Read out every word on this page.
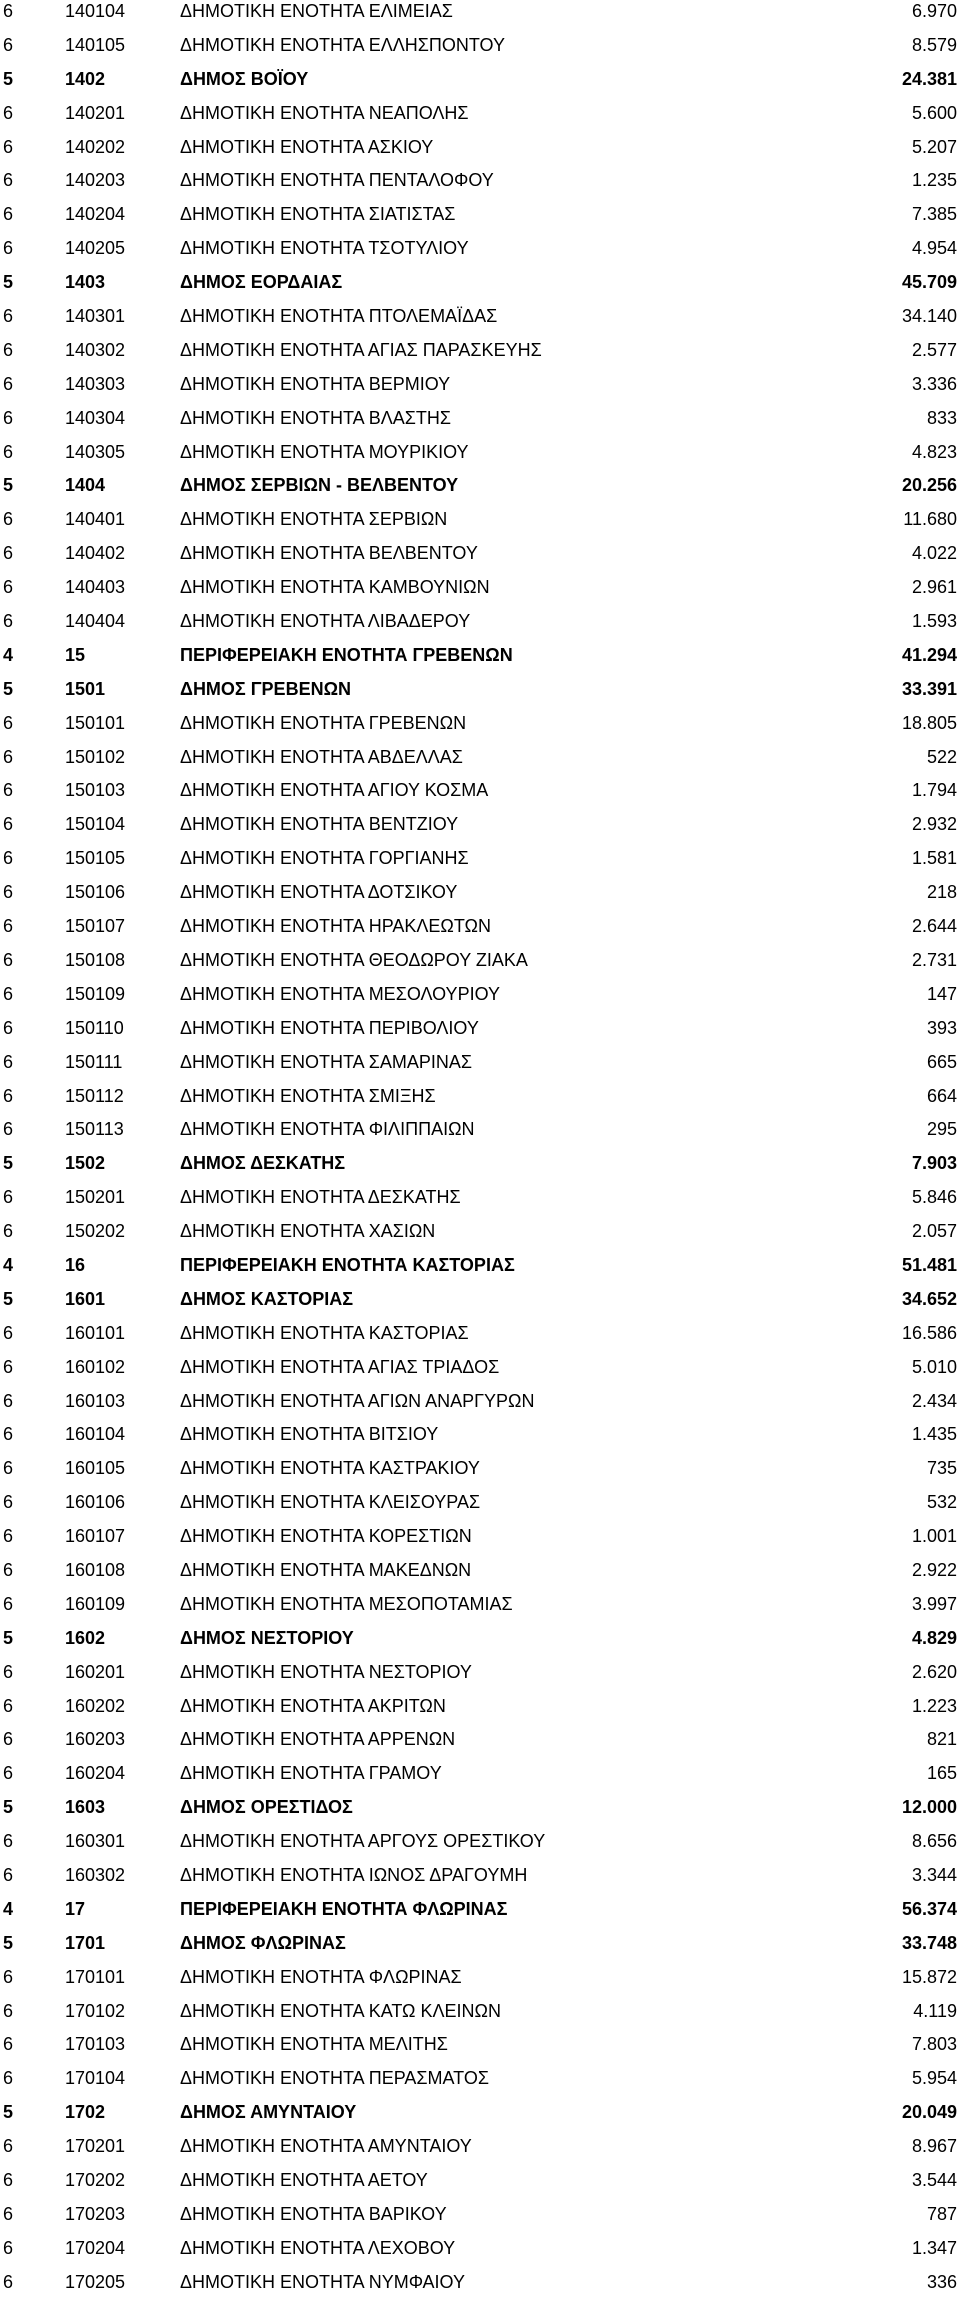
6	140104	ΔΗΜΟΤΙΚΗ ΕΝΟΤΗΤΑ ΕΛΙΜΕΙΑΣ	6.970
6	140105	ΔΗΜΟΤΙΚΗ ΕΝΟΤΗΤΑ ΕΛΛΗΣΠΟΝΤΟΥ	8.579
5	1402	ΔΗΜΟΣ ΒΟΪΟΥ	24.381
6	140201	ΔΗΜΟΤΙΚΗ ΕΝΟΤΗΤΑ ΝΕΑΠΟΛΗΣ	5.600
6	140202	ΔΗΜΟΤΙΚΗ ΕΝΟΤΗΤΑ ΑΣΚΙΟΥ	5.207
6	140203	ΔΗΜΟΤΙΚΗ ΕΝΟΤΗΤΑ ΠΕΝΤΑΛΟΦΟΥ	1.235
6	140204	ΔΗΜΟΤΙΚΗ ΕΝΟΤΗΤΑ ΣΙΑΤΙΣΤΑΣ	7.385
6	140205	ΔΗΜΟΤΙΚΗ ΕΝΟΤΗΤΑ ΤΣΟΤΥΛΙΟΥ	4.954
5	1403	ΔΗΜΟΣ ΕΟΡΔΑΙΑΣ	45.709
6	140301	ΔΗΜΟΤΙΚΗ ΕΝΟΤΗΤΑ ΠΤΟΛΕΜΑΪΔΑΣ	34.140
6	140302	ΔΗΜΟΤΙΚΗ ΕΝΟΤΗΤΑ ΑΓΙΑΣ ΠΑΡΑΣΚΕΥΗΣ	2.577
6	140303	ΔΗΜΟΤΙΚΗ ΕΝΟΤΗΤΑ ΒΕΡΜΙΟΥ	3.336
6	140304	ΔΗΜΟΤΙΚΗ ΕΝΟΤΗΤΑ ΒΛΑΣΤΗΣ	833
6	140305	ΔΗΜΟΤΙΚΗ ΕΝΟΤΗΤΑ ΜΟΥΡΙΚΙΟΥ	4.823
5	1404	ΔΗΜΟΣ ΣΕΡΒΙΩΝ - ΒΕΛΒΕΝΤΟΥ	20.256
6	140401	ΔΗΜΟΤΙΚΗ ΕΝΟΤΗΤΑ ΣΕΡΒΙΩΝ	11.680
6	140402	ΔΗΜΟΤΙΚΗ ΕΝΟΤΗΤΑ ΒΕΛΒΕΝΤΟΥ	4.022
6	140403	ΔΗΜΟΤΙΚΗ ΕΝΟΤΗΤΑ ΚΑΜΒΟΥΝΙΩΝ	2.961
6	140404	ΔΗΜΟΤΙΚΗ ΕΝΟΤΗΤΑ ΛΙΒΑΔΕΡΟΥ	1.593
4	15	ΠΕΡΙΦΕΡΕΙΑΚΗ ΕΝΟΤΗΤΑ ΓΡΕΒΕΝΩΝ	41.294
5	1501	ΔΗΜΟΣ ΓΡΕΒΕΝΩΝ	33.391
6	150101	ΔΗΜΟΤΙΚΗ ΕΝΟΤΗΤΑ ΓΡΕΒΕΝΩΝ	18.805
6	150102	ΔΗΜΟΤΙΚΗ ΕΝΟΤΗΤΑ ΑΒΔΕΛΛΑΣ	522
6	150103	ΔΗΜΟΤΙΚΗ ΕΝΟΤΗΤΑ ΑΓΙΟΥ ΚΟΣΜΑ	1.794
6	150104	ΔΗΜΟΤΙΚΗ ΕΝΟΤΗΤΑ ΒΕΝΤΖΙΟΥ	2.932
6	150105	ΔΗΜΟΤΙΚΗ ΕΝΟΤΗΤΑ ΓΟΡΓΙΑΝΗΣ	1.581
6	150106	ΔΗΜΟΤΙΚΗ ΕΝΟΤΗΤΑ ΔΟΤΣΙΚΟΥ	218
6	150107	ΔΗΜΟΤΙΚΗ ΕΝΟΤΗΤΑ ΗΡΑΚΛΕΩΤΩΝ	2.644
6	150108	ΔΗΜΟΤΙΚΗ ΕΝΟΤΗΤΑ ΘΕΟΔΩΡΟΥ ΖΙΑΚΑ	2.731
6	150109	ΔΗΜΟΤΙΚΗ ΕΝΟΤΗΤΑ ΜΕΣΟΛΟΥΡΙΟΥ	147
6	150110	ΔΗΜΟΤΙΚΗ ΕΝΟΤΗΤΑ ΠΕΡΙΒΟΛΙΟΥ	393
6	150111	ΔΗΜΟΤΙΚΗ ΕΝΟΤΗΤΑ ΣΑΜΑΡΙΝΑΣ	665
6	150112	ΔΗΜΟΤΙΚΗ ΕΝΟΤΗΤΑ ΣΜΙΞΗΣ	664
6	150113	ΔΗΜΟΤΙΚΗ ΕΝΟΤΗΤΑ ΦΙΛΙΠΠΑΙΩΝ	295
5	1502	ΔΗΜΟΣ ΔΕΣΚΑΤΗΣ	7.903
6	150201	ΔΗΜΟΤΙΚΗ ΕΝΟΤΗΤΑ ΔΕΣΚΑΤΗΣ	5.846
6	150202	ΔΗΜΟΤΙΚΗ ΕΝΟΤΗΤΑ ΧΑΣΙΩΝ	2.057
4	16	ΠΕΡΙΦΕΡΕΙΑΚΗ ΕΝΟΤΗΤΑ ΚΑΣΤΟΡΙΑΣ	51.481
5	1601	ΔΗΜΟΣ ΚΑΣΤΟΡΙΑΣ	34.652
6	160101	ΔΗΜΟΤΙΚΗ ΕΝΟΤΗΤΑ ΚΑΣΤΟΡΙΑΣ	16.586
6	160102	ΔΗΜΟΤΙΚΗ ΕΝΟΤΗΤΑ ΑΓΙΑΣ ΤΡΙΑΔΟΣ	5.010
6	160103	ΔΗΜΟΤΙΚΗ ΕΝΟΤΗΤΑ ΑΓΙΩΝ ΑΝΑΡΓΥΡΩΝ	2.434
6	160104	ΔΗΜΟΤΙΚΗ ΕΝΟΤΗΤΑ ΒΙΤΣΙΟΥ	1.435
6	160105	ΔΗΜΟΤΙΚΗ ΕΝΟΤΗΤΑ ΚΑΣΤΡΑΚΙΟΥ	735
6	160106	ΔΗΜΟΤΙΚΗ ΕΝΟΤΗΤΑ ΚΛΕΙΣΟΥΡΑΣ	532
6	160107	ΔΗΜΟΤΙΚΗ ΕΝΟΤΗΤΑ ΚΟΡΕΣΤΙΩΝ	1.001
6	160108	ΔΗΜΟΤΙΚΗ ΕΝΟΤΗΤΑ ΜΑΚΕΔΝΩΝ	2.922
6	160109	ΔΗΜΟΤΙΚΗ ΕΝΟΤΗΤΑ ΜΕΣΟΠΟΤΑΜΙΑΣ	3.997
5	1602	ΔΗΜΟΣ ΝΕΣΤΟΡΙΟΥ	4.829
6	160201	ΔΗΜΟΤΙΚΗ ΕΝΟΤΗΤΑ ΝΕΣΤΟΡΙΟΥ	2.620
6	160202	ΔΗΜΟΤΙΚΗ ΕΝΟΤΗΤΑ ΑΚΡΙΤΩΝ	1.223
6	160203	ΔΗΜΟΤΙΚΗ ΕΝΟΤΗΤΑ ΑΡΡΕΝΩΝ	821
6	160204	ΔΗΜΟΤΙΚΗ ΕΝΟΤΗΤΑ ΓΡΑΜΟΥ	165
5	1603	ΔΗΜΟΣ ΟΡΕΣΤΙΔΟΣ	12.000
6	160301	ΔΗΜΟΤΙΚΗ ΕΝΟΤΗΤΑ ΑΡΓΟΥΣ ΟΡΕΣΤΙΚΟΥ	8.656
6	160302	ΔΗΜΟΤΙΚΗ ΕΝΟΤΗΤΑ ΙΩΝΟΣ ΔΡΑΓΟΥΜΗ	3.344
4	17	ΠΕΡΙΦΕΡΕΙΑΚΗ ΕΝΟΤΗΤΑ ΦΛΩΡΙΝΑΣ	56.374
5	1701	ΔΗΜΟΣ ΦΛΩΡΙΝΑΣ	33.748
6	170101	ΔΗΜΟΤΙΚΗ ΕΝΟΤΗΤΑ ΦΛΩΡΙΝΑΣ	15.872
6	170102	ΔΗΜΟΤΙΚΗ ΕΝΟΤΗΤΑ ΚΑΤΩ ΚΛΕΙΝΩΝ	4.119
6	170103	ΔΗΜΟΤΙΚΗ ΕΝΟΤΗΤΑ ΜΕΛΙΤΗΣ	7.803
6	170104	ΔΗΜΟΤΙΚΗ ΕΝΟΤΗΤΑ ΠΕΡΑΣΜΑΤΟΣ	5.954
5	1702	ΔΗΜΟΣ ΑΜΥΝΤΑΙΟΥ	20.049
6	170201	ΔΗΜΟΤΙΚΗ ΕΝΟΤΗΤΑ ΑΜΥΝΤΑΙΟΥ	8.967
6	170202	ΔΗΜΟΤΙΚΗ ΕΝΟΤΗΤΑ ΑΕΤΟΥ	3.544
6	170203	ΔΗΜΟΤΙΚΗ ΕΝΟΤΗΤΑ ΒΑΡΙΚΟΥ	787
6	170204	ΔΗΜΟΤΙΚΗ ΕΝΟΤΗΤΑ ΛΕΧΟΒΟΥ	1.347
6	170205	ΔΗΜΟΤΙΚΗ ΕΝΟΤΗΤΑ ΝΥΜΦΑΙΟΥ	336
